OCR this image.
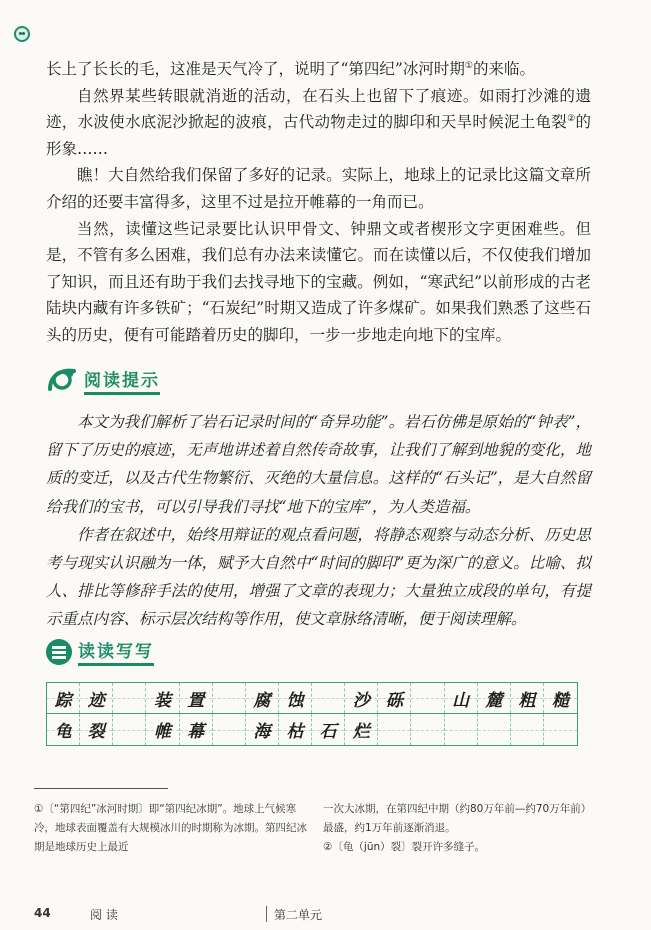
长上了长长的毛，这准是天气冷了，说明了“第四纪”冰河时期①的来临。

自然界某些转眼就消逝的活动，在石头上也留下了痕迹。如雨打沙滩的遗迹，水波使水底泥沙掀起的波痕，古代动物走过的脚印和天旱时候泥土龟裂②的形象……

瞧！大自然给我们保留了多好的记录。实际上，地球上的记录比这篇文章所介绍的还要丰富得多，这里不过是拉开帷幕的一角而已。

当然，读懂这些记录要比认识甲骨文、钟鼎文或者楔形文字更困难些。但是，不管有多么困难，我们总有办法来读懂它。而在读懂以后，不仅使我们增加了知识，而且还有助于我们去找寻地下的宝藏。例如，“寒武纪”以前形成的古老陆块内藏有许多铁矿；“石炭纪”时期又造成了许多煤矿。如果我们熟悉了这些石头的历史，便有可能踏着历史的脚印，一步一步地走向地下的宝库。

阅读提示

本文为我们解析了岩石记录时间的“奇异功能”。岩石仿佛是原始的“钟表”，留下了历史的痕迹，无声地讲述着自然传奇故事，让我们了解到地貌的变化，地质的变迁，以及古代生物繁衍、灭绝的大量信息。这样的“石头记”，是大自然留给我们的宝书，可以引导我们寻找“地下的宝库”，为人类造福。

作者在叙述中，始终用辩证的观点看问题，将静态观察与动态分析、历史思考与现实认识融为一体，赋予大自然中“时间的脚印”更为深广的意义。比喻、拟人、排比等修辞手法的使用，增强了文章的表现力；大量独立成段的单句，有提示重点内容、标示层次结构等作用，使文章脉络清晰，便于阅读理解。

读读写写
踪 迹	装 置	腐 蚀	沙 砾	山 麓 粗 糙
龟 裂	帷 幕	海 枯 石 烂
①〔“第四纪”冰河时期〕即“第四纪冰期”。地球上气候寒冷，地球表面覆盖有大规模冰川的时期称为冰期。第四纪冰期是地球历史上最近
一次大冰期，在第四纪中期（约80万年前—约70万年前）最盛，约1万年前逐渐消退。
②〔龟（jūn）裂〕裂开许多缝子。
44	阅 读	第二单元
